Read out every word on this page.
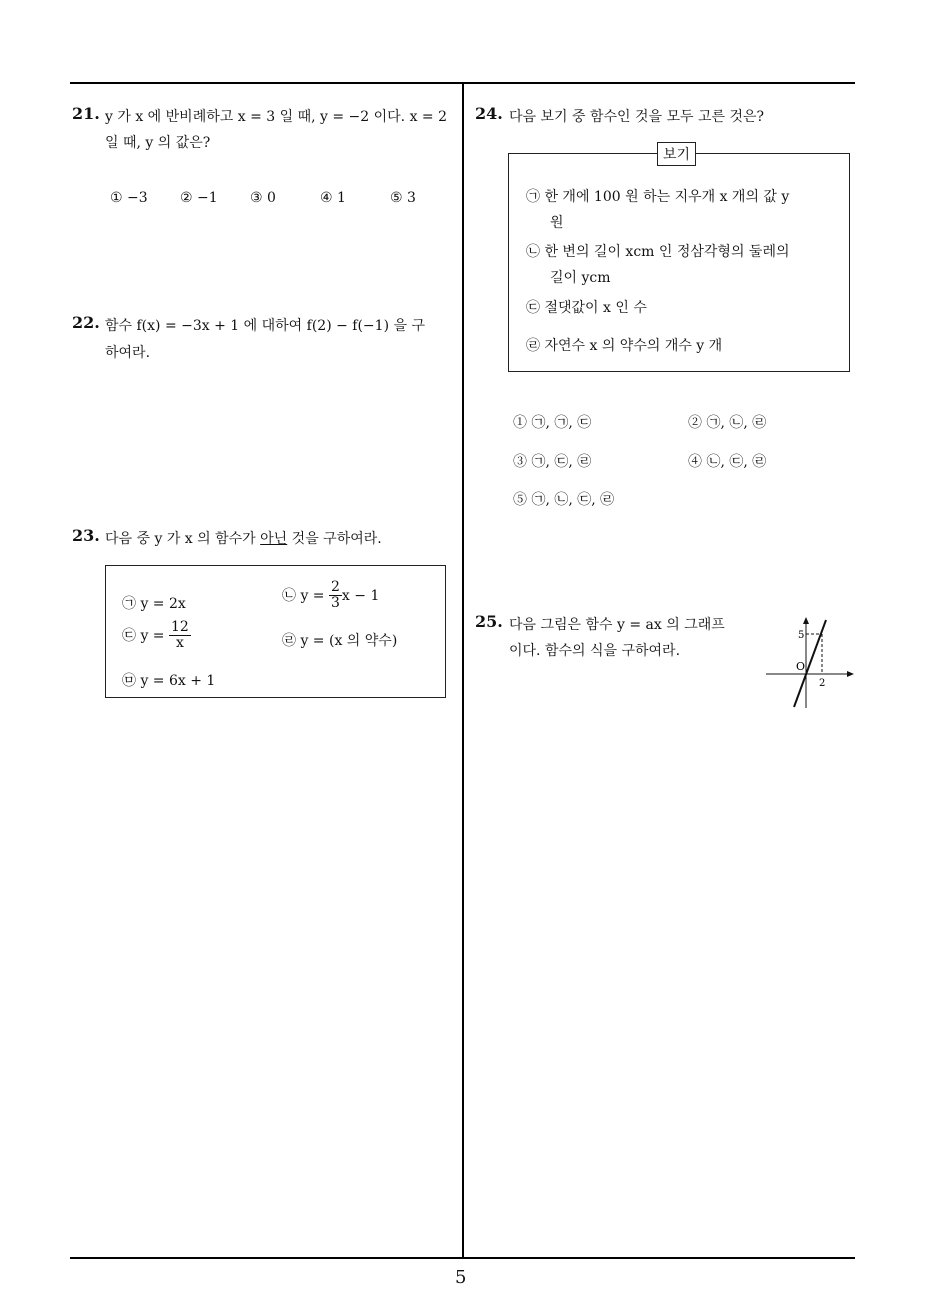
5
21. y 가 x 에 반비례하고 x = 3 일 때, y = −2 이다. x = 2
일 때, y 의 값은?
① −3 ② −1 ③ 0	④ 1	⑤ 3
22. 함수 f(x) = −3x + 1 에 대하여 f(2) − f(−1) 을 구
하여라.
23. 다음 중 y 가 x 의 함수가 아닌 것을 구하여라.
㉠ y = 2x
㉡ $y = \frac{2}{3}$ x − 1
㉢ $y = \frac{12}{x}$	㉣ y = (x 의 약수)
㉤ y = 6x + 1
24. 다음 보기 중 함수인 것을 모두 고른 것은?
보기
㉠ 한 개에 100 원 하는 지우개 x 개의 값 y
원
㉡ 한 변의 길이 xcm 인 정삼각형의 둘레의
길이 ycm
㉢ 절댓값이 x 인 수
㉣ 자연수 x 의 약수의 개수 y 개
① ㉠, ㉠, ㉢	② ㉠, ㉡, ㉣
③ ㉠, ㉢, ㉣	④ ㉡, ㉢, ㉣
⑤ ㉠, ㉡, ㉢, ㉣
25. 다음 그림은 함수 y = ax 의 그래프
이다. 함수의 식을 구하여라.
5
2
O
